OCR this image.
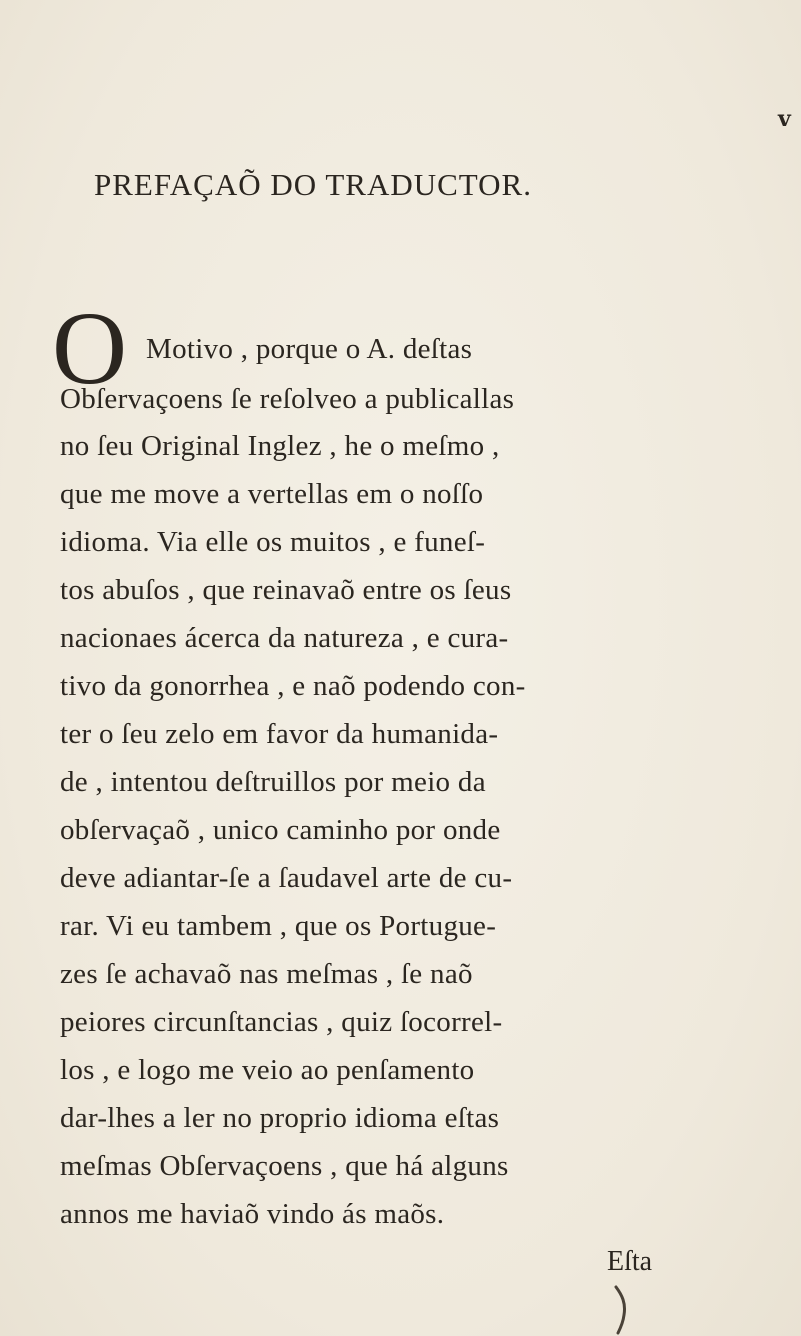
v
PREFAÇAÕ DO TRADUCTOR.
O Motivo , porque o A. deſtas
Obſervaçoens ſe reſolveo a publicallas
no ſeu Original Inglez , he o meſmo ,
que me move a vertellas em o noſſo
idioma. Via elle os muitos , e funeſ-
tos abuſos , que reinavaõ entre os ſeus
nacionaes ácerca da natureza , e cura-
tivo da gonorrhea , e naõ podendo con-
ter o ſeu zelo em favor da humanida-
de , intentou deſtruillos por meio da
obſervaçaõ , unico caminho por onde
deve adiantar-ſe a ſaudavel arte de cu-
rar. Vi eu tambem , que os Portugue-
zes ſe achavaõ nas meſmas , ſe naõ
peiores circunſtancias , quiz ſocorrel-
los , e logo me veio ao penſamento
dar-lhes a ler no proprio idioma eſtas
meſmas Obſervaçoens , que há alguns
annos me haviaõ vindo ás maõs.
Eſta
